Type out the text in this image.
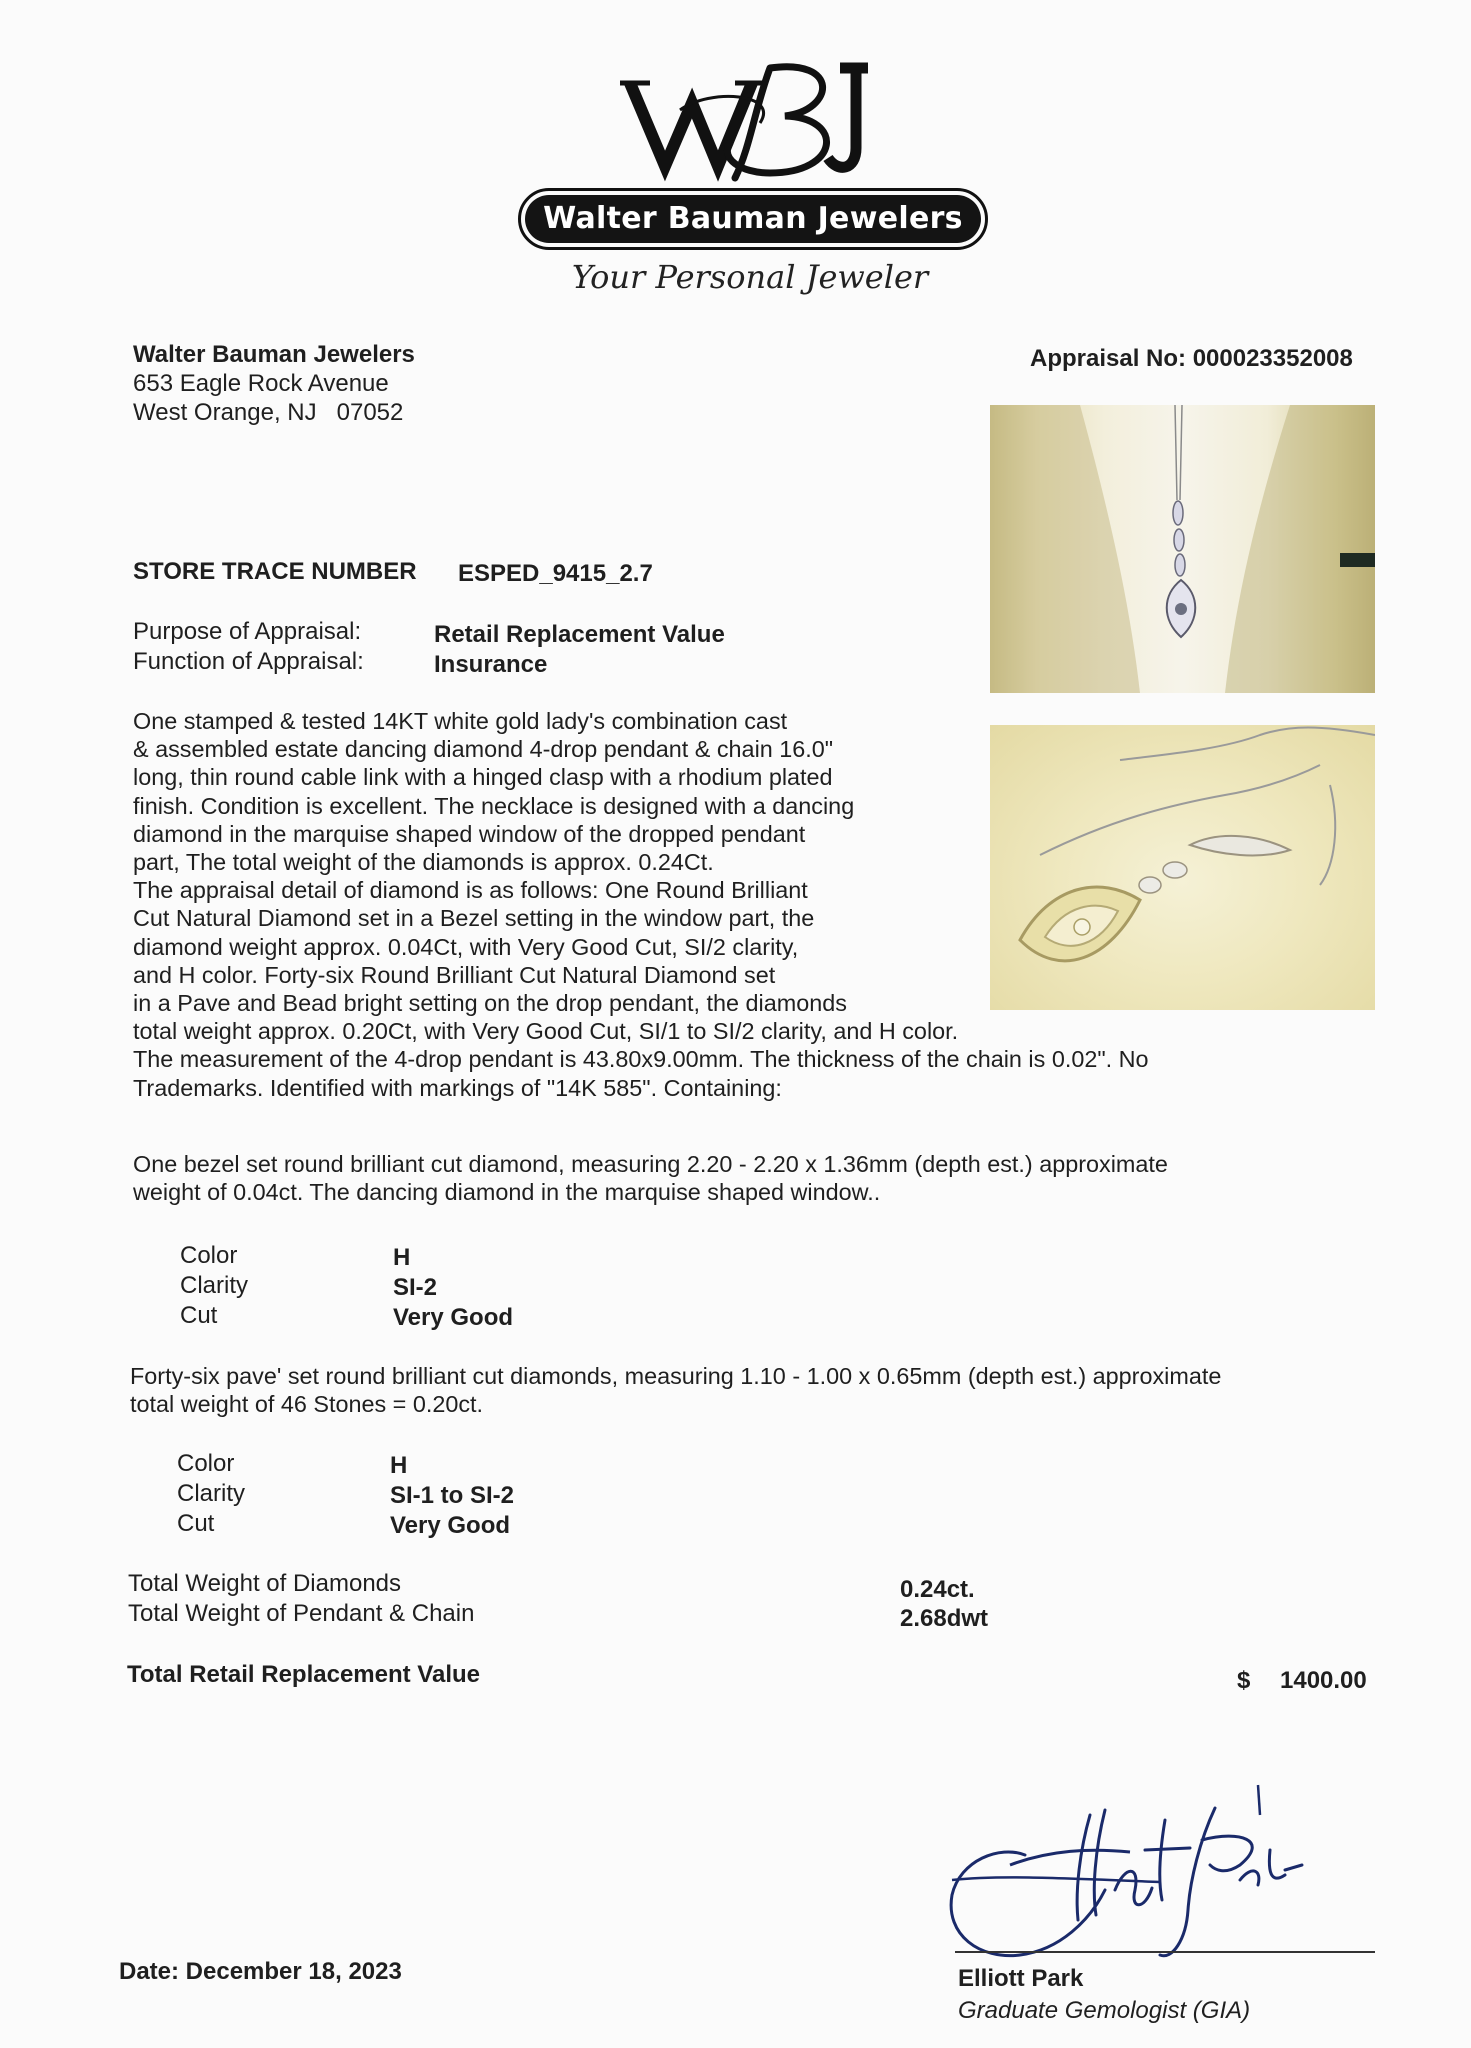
Walter Bauman Jewelers
Your Personal Jeweler
Walter Bauman Jewelers
653 Eagle Rock Avenue
West Orange, NJ   07052
Appraisal No: 000023352008
STORE TRACE NUMBER ESPED_9415_2.7
Purpose of Appraisal:	Retail Replacement Value
Function of Appraisal:	Insurance
One stamped & tested 14KT white gold lady's combination cast
& assembled estate dancing diamond 4-drop pendant & chain 16.0"
long, thin round cable link with a hinged clasp with a rhodium plated
finish. Condition is excellent. The necklace is designed with a dancing
diamond in the marquise shaped window of the dropped pendant
part, The total weight of the diamonds is approx. 0.24Ct.
The appraisal detail of diamond is as follows: One Round Brilliant
Cut Natural Diamond set in a Bezel setting in the window part, the
diamond weight approx. 0.04Ct, with Very Good Cut, SI/2 clarity,
and H color. Forty-six Round Brilliant Cut Natural Diamond set
in a Pave and Bead bright setting on the drop pendant, the diamonds
total weight approx. 0.20Ct, with Very Good Cut, SI/1 to SI/2 clarity, and H color.
The measurement of the 4-drop pendant is 43.80x9.00mm. The thickness of the chain is 0.02". No
Trademarks. Identified with markings of "14K 585". Containing:
One bezel set round brilliant cut diamond, measuring 2.20 - 2.20 x 1.36mm (depth est.) approximate
weight of 0.04ct. The dancing diamond in the marquise shaped window..
Color	H
Clarity	SI-2
Cut	Very Good
Forty-six pave' set round brilliant cut diamonds, measuring 1.10 - 1.00 x 0.65mm (depth est.) approximate
total weight of 46 Stones = 0.20ct.
Color	H
Clarity	SI-1 to SI-2
Cut	Very Good
Total Weight of Diamonds	0.24ct.
Total Weight of Pendant & Chain	2.68dwt
Total Retail Replacement Value	$ 1400.00
Elliott Park
Graduate Gemologist (GIA)
Date: December 18, 2023
